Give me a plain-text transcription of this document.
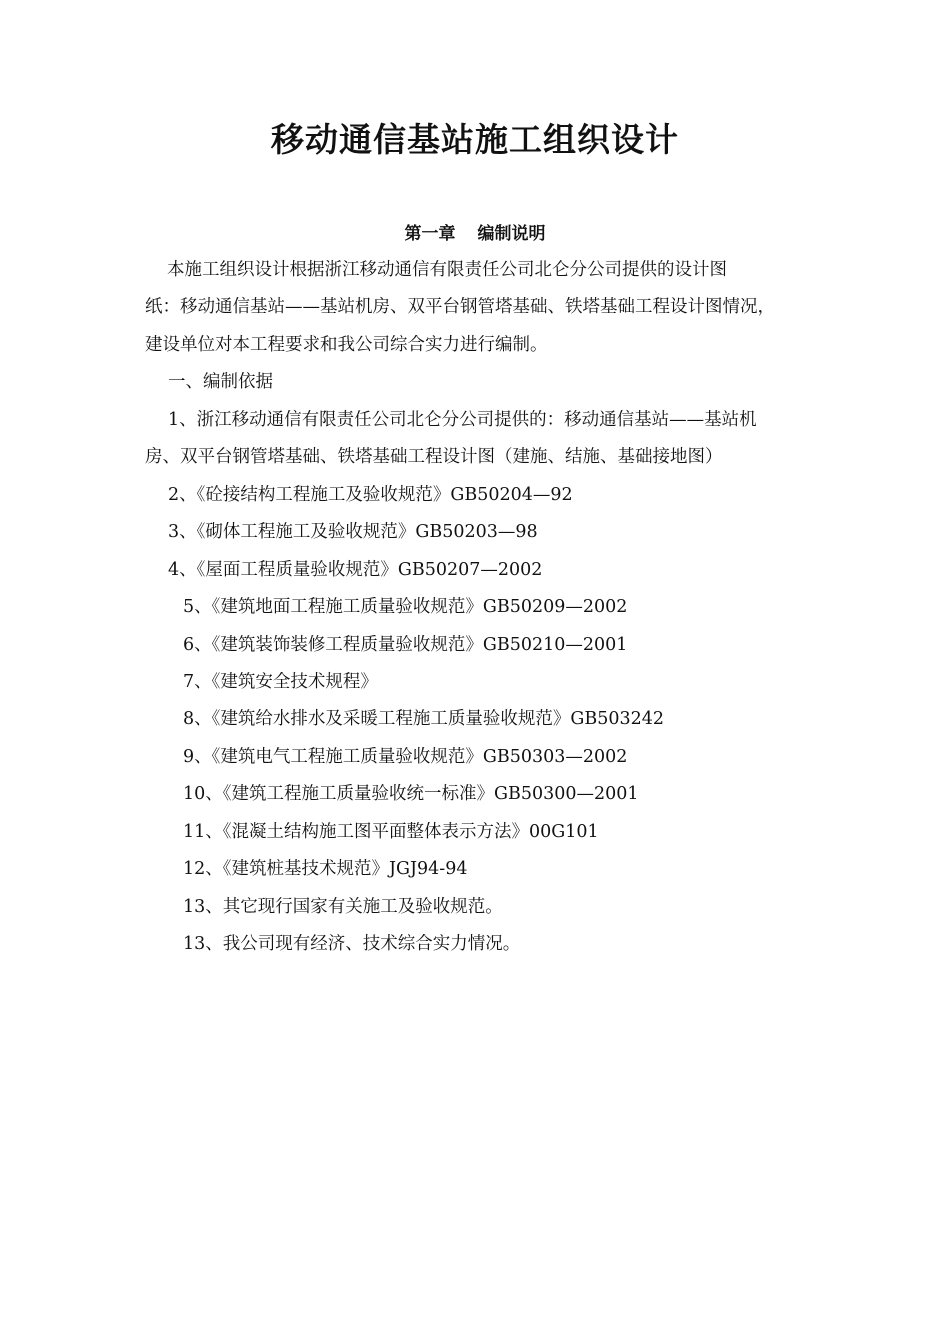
移动通信基站施工组织设计
第一章 编制说明
本施工组织设计根据浙江移动通信有限责任公司北仑分公司提供的设计图
纸：移动通信基站——基站机房、双平台钢管塔基础、铁塔基础工程设计图情况，
建设单位对本工程要求和我公司综合实力进行编制。
一、编制依据
1、浙江移动通信有限责任公司北仑分公司提供的：移动通信基站——基站机
房、双平台钢管塔基础、铁塔基础工程设计图（建施、结施、基础接地图）
2、《砼接结构工程施工及验收规范》GB50204—92
3、《砌体工程施工及验收规范》GB50203—98
4、《屋面工程质量验收规范》GB50207—2002
5、《建筑地面工程施工质量验收规范》GB50209—2002
6、《建筑装饰装修工程质量验收规范》GB50210—2001
7、《建筑安全技术规程》
8、《建筑给水排水及采暖工程施工质量验收规范》GB503242
9、《建筑电气工程施工质量验收规范》GB50303—2002
10、《建筑工程施工质量验收统一标准》GB50300—2001
11、《混凝土结构施工图平面整体表示方法》00G101
12、《建筑桩基技术规范》JGJ94-94
13、其它现行国家有关施工及验收规范。
13、我公司现有经济、技术综合实力情况。
